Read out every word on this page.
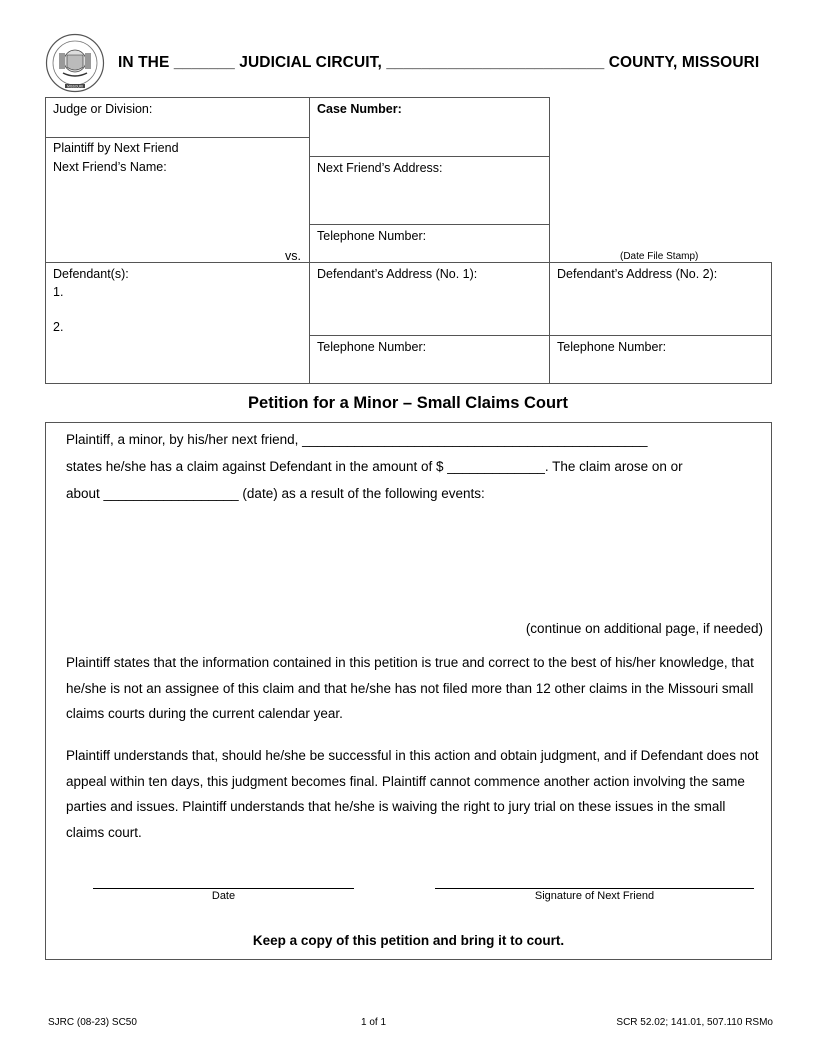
MISSOURI
IN THE _______ JUDICIAL CIRCUIT, _________________________ COUNTY, MISSOURI
Judge or Division:	Case Number:
Plaintiff by Next Friend
Next Friend’s Name:
vs.
Next Friend’s Address:
Telephone Number:
(Date File Stamp)
Defendant(s):
1.
2.
Defendant’s Address (No. 1):	Defendant’s Address (No. 2):
Telephone Number:	Telephone Number:
Petition for a Minor – Small Claims Court
Plaintiff, a minor, by his/her next friend, ______________________________________________
states he/she has a claim against Defendant in the amount of $ _____________. The claim arose on or
about __________________ (date) as a result of the following events:
(continue on additional page, if needed)
Plaintiff states that the information contained in this petition is true and correct to the best of his/her knowledge, that he/she is not an assignee of this claim and that he/she has not filed more than 12 other claims in the Missouri small claims courts during the current calendar year.
Plaintiff understands that, should he/she be successful in this action and obtain judgment, and if Defendant does not appeal within ten days, this judgment becomes final. Plaintiff cannot commence another action involving the same parties and issues. Plaintiff understands that he/she is waiving the right to jury trial on these issues in the small claims court.
Date	Signature of Next Friend
Keep a copy of this petition and bring it to court.
SJRC (08-23) SC50	1 of 1	SCR 52.02; 141.01, 507.110 RSMo
